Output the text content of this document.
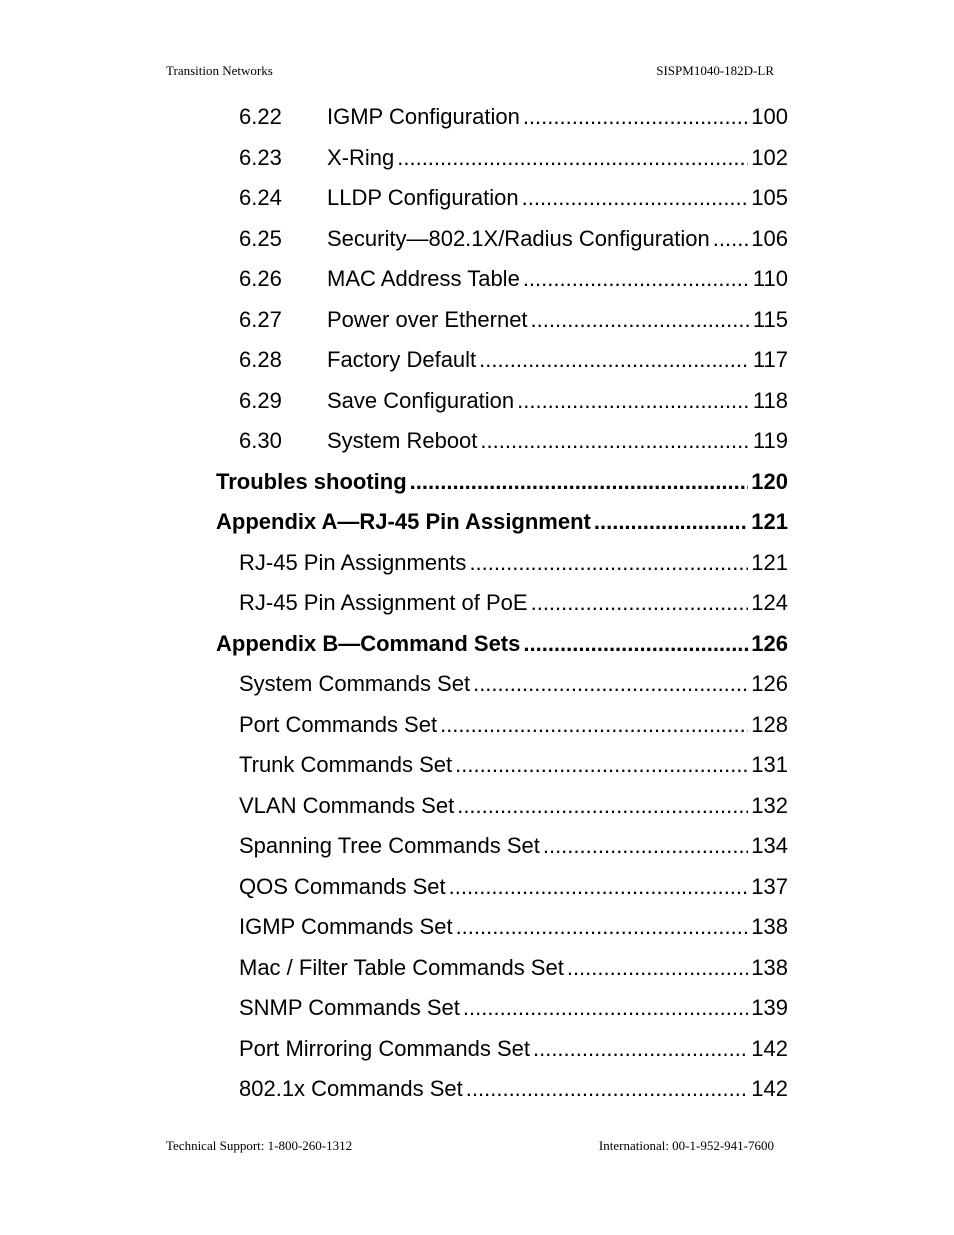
Transition Networks	SISPM1040-182D-LR
6.22	IGMP Configuration .....	100
6.23	X-Ring .....	102
6.24	LLDP Configuration .....	105
6.25	Security—802.1X/Radius Configuration ..... 106
6.26	MAC Address Table .....	110
6.27	Power over Ethernet .....	115
6.28	Factory Default .....	117
6.29	Save Configuration .....	118
6.30	System Reboot .....	119
Troubles shooting .....	120
Appendix A—RJ-45 Pin Assignment .....	121
RJ-45 Pin Assignments .....	121
RJ-45 Pin Assignment of PoE .....	124
Appendix B—Command Sets .....	126
System Commands Set .....	126
Port Commands Set .....	128
Trunk Commands Set .....	131
VLAN Commands Set .....	132
Spanning Tree Commands Set .....	134
QOS Commands Set .....	137
IGMP Commands Set .....	138
Mac / Filter Table Commands Set .....	138
SNMP Commands Set .....	139
Port Mirroring Commands Set .....	142
802.1x Commands Set .....	142
Technical Support: 1-800-260-1312	International: 00-1-952-941-7600
